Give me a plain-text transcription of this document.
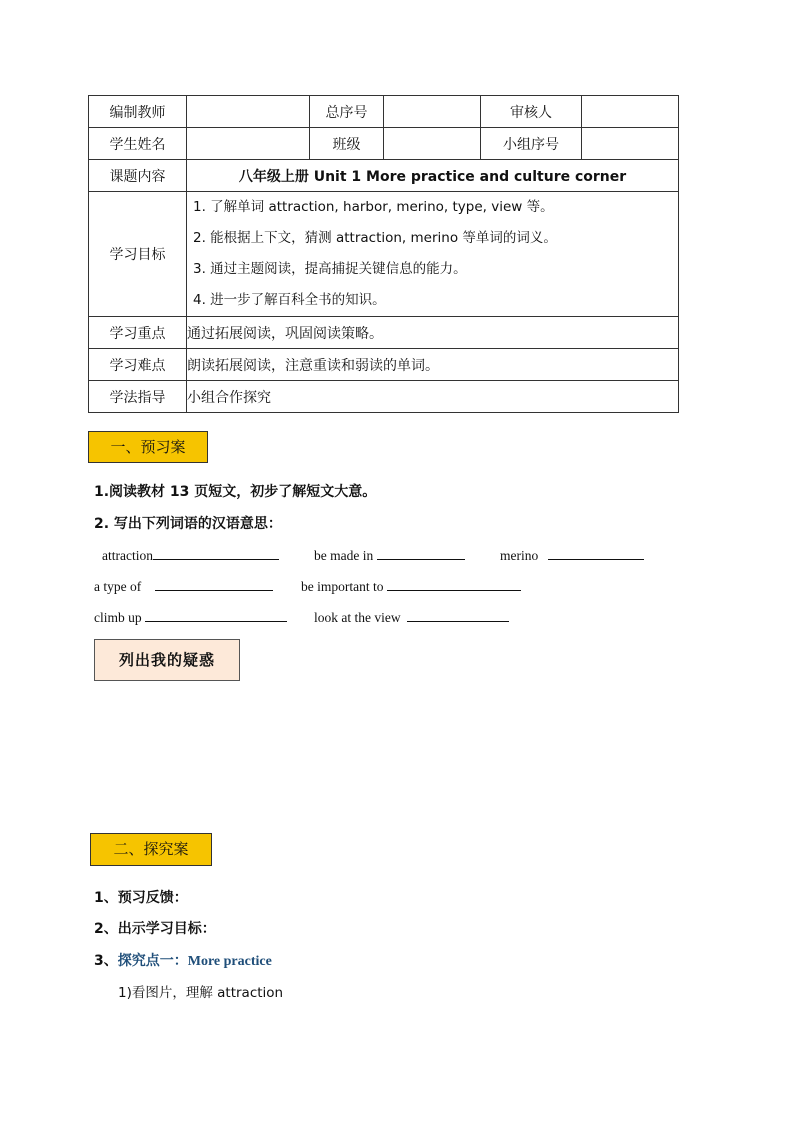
编制教师		总序号		审核人	
学生姓名		班级		小组序号	
课题内容	八年级上册 Unit 1 More practice and culture corner				
学习目标	1. 了解单词 attraction, harbor, merino, type, view 等。
2. 能根据上下文，猜测 attraction, merino 等单词的词义。
3. 通过主题阅读，提高捕捉关键信息的能力。
4. 进一步了解百科全书的知识。				

学习重点	通过拓展阅读，巩固阅读策略。				
学习难点	朗读拓展阅读，注意重读和弱读的单词。				
学法指导	小组合作探究				
一、预习案
1.阅读教材 13 页短文，初步了解短文大意。
2. 写出下列词语的汉语意思：
attraction	be made in	merino
a type of	be important to
climb up	look at the view
列出我的疑惑
二、探究案
1、预习反馈：
2、出示学习目标：
3、探究点一：More practice
1)看图片，理解 attraction
